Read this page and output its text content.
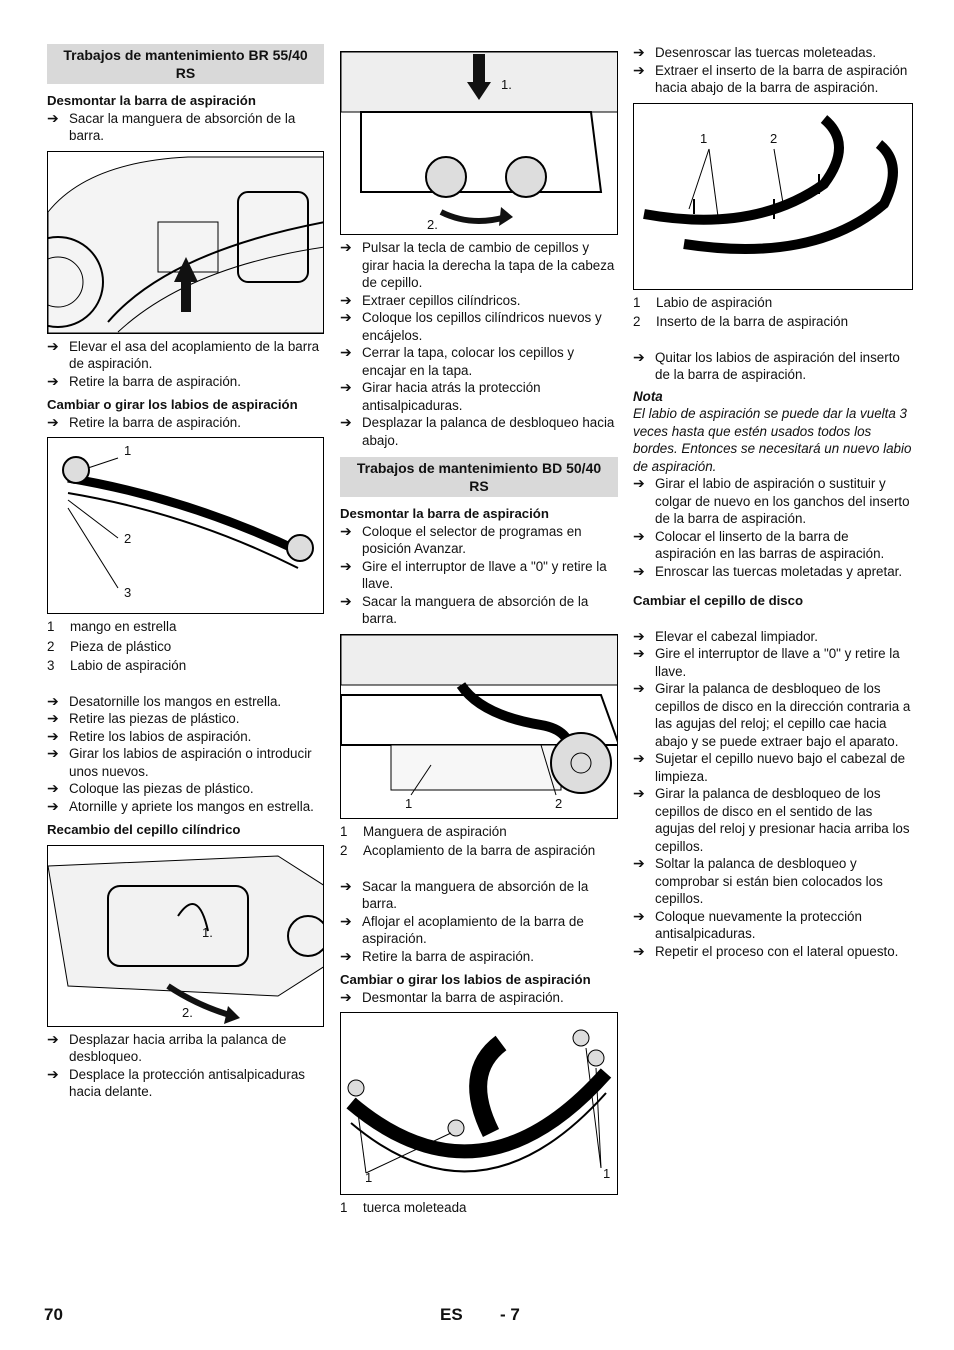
Trabajos de mantenimiento BR 55/40 RS
Desmontar la barra de aspiración
➔ Sacar la manguera de absorción de la barra.
➔ Elevar el asa del acoplamiento de la barra de aspiración.
➔ Retire la barra de aspiración.
Cambiar o girar los labios de aspiración
➔ Retire la barra de aspiración.
1
2
3
1	mango en estrella
2	Pieza de plástico
3	Labio de aspiración
➔ Desatornille los mangos en estrella.
➔ Retire las piezas de plástico.
➔ Retire los labios de aspiración.
➔ Girar los labios de aspiración o introducir unos nuevos.
➔ Coloque las piezas de plástico.
➔ Atornille y apriete los mangos en estrella.
Recambio del cepillo cilíndrico
1.
2.
➔ Desplazar hacia arriba la palanca de desbloqueo.
➔ Desplace la protección antisalpicaduras hacia delante.
1.
2.
➔ Pulsar la tecla de cambio de cepillos y girar hacia la derecha la tapa de la cabeza de cepillo.
➔ Extraer cepillos cilíndricos.
➔ Coloque los cepillos cilíndricos nuevos y encájelos.
➔ Cerrar la tapa, colocar los cepillos y encajar en la tapa.
➔ Girar hacia atrás la protección antisalpicaduras.
➔ Desplazar la palanca de desbloqueo hacia abajo.
Trabajos de mantenimiento BD 50/40 RS
Desmontar la barra de aspiración
➔ Coloque el selector de programas en posición Avanzar.
➔ Gire el interruptor de llave a "0" y retire la llave.
➔ Sacar la manguera de absorción de la barra.
1	2
1	Manguera de aspiración
2	Acoplamiento de la barra de aspiración
➔ Sacar la manguera de absorción de la barra.
➔ Aflojar el acoplamiento de la barra de aspiración.
➔ Retire la barra de aspiración.
Cambiar o girar los labios de aspiración
➔ Desmontar la barra de aspiración.
1	1
1	tuerca moleteada
➔ Desenroscar las tuercas moleteadas.
➔ Extraer el inserto de la barra de aspiración hacia abajo de la barra de aspiración.
1	2
1	Labio de aspiración
2	Inserto de la barra de aspiración
➔ Quitar los labios de aspiración del inserto de la barra de aspiración.
Nota
El labio de aspiración se puede dar la vuelta 3 veces hasta que estén usados todos los bordes. Entonces se necesitará un nuevo labio de aspiración.
➔ Girar el labio de aspiración o sustituir y colgar de nuevo en los ganchos del inserto de la barra de aspiración.
➔ Colocar el linserto de la barra de aspiración en las barras de aspiración.
➔ Enroscar las tuercas moletadas y apretar.
Cambiar el cepillo de disco
➔ Elevar el cabezal limpiador.
➔ Gire el interruptor de llave a "0" y retire la llave.
➔ Girar la palanca de desbloqueo de los cepillos de disco en la dirección contraria a las agujas del reloj; el cepillo cae hacia abajo y se puede extraer bajo el aparato.
➔ Sujetar el cepillo nuevo bajo el cabezal de limpieza.
➔ Girar la palanca de desbloqueo de los cepillos de disco en el sentido de las agujas del reloj y presionar hacia arriba los cepillos.
➔ Soltar la palanca de desbloqueo y comprobar si están bien colocados los cepillos.
➔ Coloque nuevamente la protección antisalpicaduras.
➔ Repetir el proceso con el lateral opuesto.
70	ES - 7
